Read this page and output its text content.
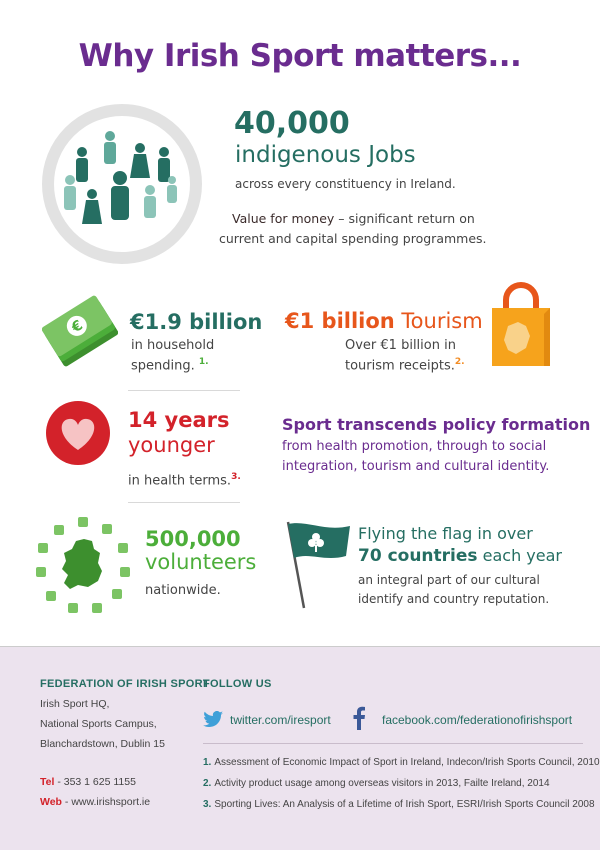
Why Irish Sport matters...
40,000
indigenous Jobs
across every constituency in Ireland.
Value for money – significant return on
current and capital spending programmes.
€ €1.9 billion
in household
spending. $^{1.}$
€1 billion Tourism
Over €1 billion in
tourism receipts.$^{2.}$
14 years
younger
in health terms.$^{3.}$
Sport transcends policy formation
from health promotion, through to social
integration, tourism and cultural identity.
500,000
volunteers
nationwide.
Flying the flag in over
70 countries each year
an integral part of our cultural
identify and country reputation.
FEDERATION OF IRISH SPORT
Irish Sport HQ,
National Sports Campus,
Blanchardstown, Dublin 15
Tel - 353 1 625 1155
Web - www.irishsport.ie
FOLLOW US
twitter.com/iresport	facebook.com/federationofirishsport
1. Assessment of Economic Impact of Sport in Ireland, Indecon/Irish Sports Council, 2010
2. Activity product usage among overseas visitors in 2013, Failte Ireland, 2014
3. Sporting Lives: An Analysis of a Lifetime of Irish Sport, ESRI/Irish Sports Council 2008
